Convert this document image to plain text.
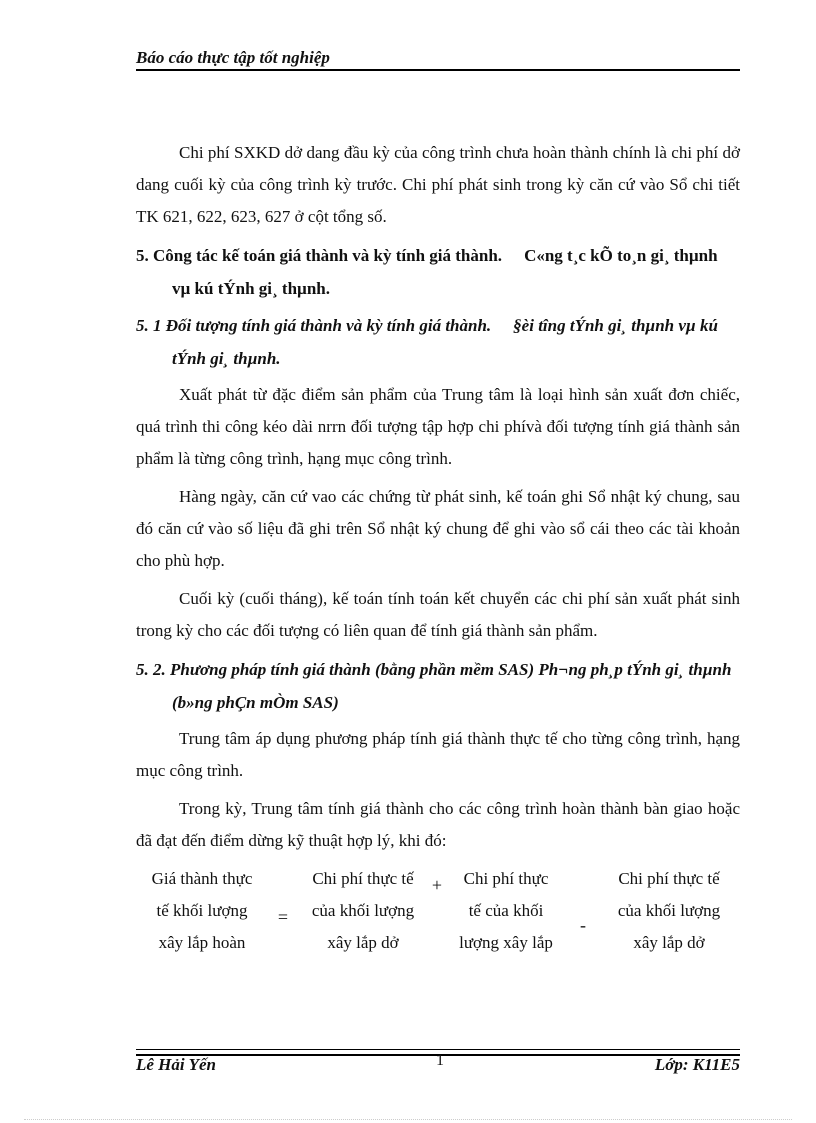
Báo cáo thực tập tốt nghiệp

Chi phí SXKD dở dang đầu kỳ của công trình chưa hoàn thành chính là chi phí dở dang cuối kỳ của công trình kỳ trước. Chi phí phát sinh trong kỳ căn cứ vào Sổ chi tiết TK 621, 622, 623, 627 ở cột tổng số.

5. Công tác kế toán giá thành và kỳ tính giá thành. C«ng t¸c kÕ to¸n gi¸ thµnh vµ kú tÝnh gi¸ thµnh.
5. 1 Đối tượng tính giá thành và kỳ tính giá thành. §èi tîng tÝnh gi¸ thµnh vµ kú tÝnh gi¸ thµnh.

Xuất phát từ đặc điểm sản phẩm của Trung tâm là loại hình sản xuất đơn chiếc, quá trình thi công kéo dài nrrn đối tượng tập hợp chi phívà đối tượng tính giá thành sản phẩm là từng công trình, hạng mục công trình.

Hàng ngày, căn cứ vao các chứng từ phát sinh, kế toán ghi Sổ nhật ký chung, sau đó căn cứ vào số liệu đã ghi trên Sổ nhật ký chung để ghi vào sổ cái theo các tài khoản cho phù hợp.

Cuối kỳ (cuối tháng), kế toán tính toán kết chuyển các chi phí sản xuất phát sinh trong kỳ cho các đối tượng có liên quan để tính giá thành sản phẩm.

5. 2. Phương pháp tính giá thành (bằng phần mềm SAS) Ph¬ng ph¸p tÝnh gi¸ thµnh (b»ng phÇn mÒm SAS)

Trung tâm áp dụng phương pháp tính giá thành thực tế cho từng công trình, hạng mục công trình.

Trong kỳ, Trung tâm tính giá thành cho các công trình hoàn thành bàn giao hoặc đã đạt đến điểm dừng kỹ thuật hợp lý, khi đó:

Giá thành thực
tế khối lượng
xây lắp hoàn
=
Chi phí thực tế
của khối lượng
xây lắp dở
+	Chi phí thực
tế của khối
lượng xây lắp
-
Chi phí thực tế
của khối lượng
xây lắp dở
Lê Hải Yến	1	Lớp: K11E5
